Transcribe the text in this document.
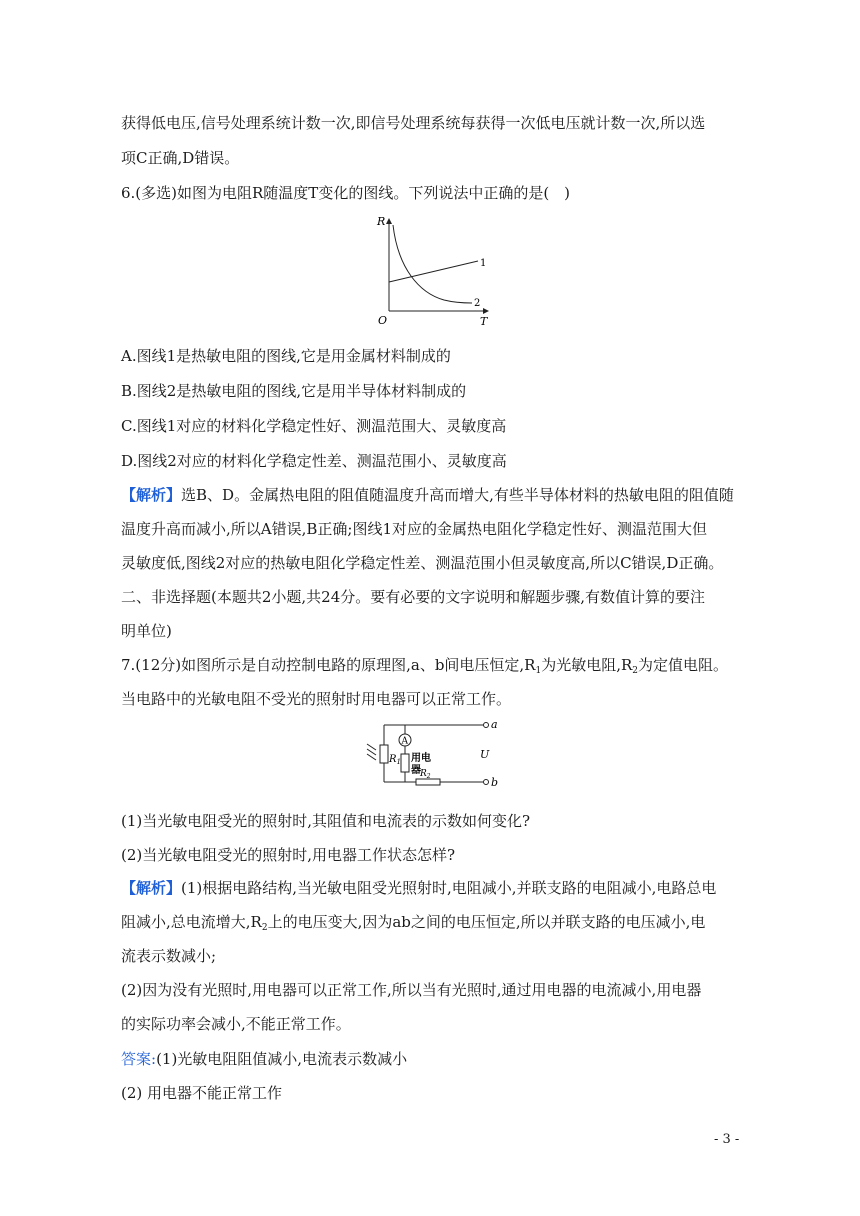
获得低电压,信号处理系统计数一次,即信号处理系统每获得一次低电压就计数一次,所以选
项C正确,D错误。
6.(多选)如图为电阻R随温度T变化的图线。下列说法中正确的是(　)
R
T
O
1
2
A.图线1是热敏电阻的图线,它是用金属材料制成的
B.图线2是热敏电阻的图线,它是用半导体材料制成的
C.图线1对应的材料化学稳定性好、测温范围大、灵敏度高
D.图线2对应的材料化学稳定性差、测温范围小、灵敏度高
【解析】选B、D。金属热电阻的阻值随温度升高而增大,有些半导体材料的热敏电阻的阻值随
温度升高而减小,所以A错误,B正确;图线1对应的金属热电阻化学稳定性好、测温范围大但
灵敏度低,图线2对应的热敏电阻化学稳定性差、测温范围小但灵敏度高,所以C错误,D正确。
二、非选择题(本题共2小题,共24分。要有必要的文字说明和解题步骤,有数值计算的要注
明单位)
7.(12分)如图所示是自动控制电路的原理图,a、b间电压恒定$,R_1$为光敏电阻$,R_2$为定值电阻。
当电路中的光敏电阻不受光的照射时用电器可以正常工作。
A
$R_1$ 用电
器 $R_2$
a
b
U
(1)当光敏电阻受光的照射时,其阻值和电流表的示数如何变化?
(2)当光敏电阻受光的照射时,用电器工作状态怎样?
【解析】(1)根据电路结构,当光敏电阻受光照射时,电阻减小,并联支路的电阻减小,电路总电
阻减小,总电流增大$,R_2$上的电压变大,因为ab之间的电压恒定,所以并联支路的电压减小,电
流表示数减小;
(2)因为没有光照时,用电器可以正常工作,所以当有光照时,通过用电器的电流减小,用电器
的实际功率会减小,不能正常工作。
答案:(1)光敏电阻阻值减小,电流表示数减小
(2) 用电器不能正常工作
- 3 -
